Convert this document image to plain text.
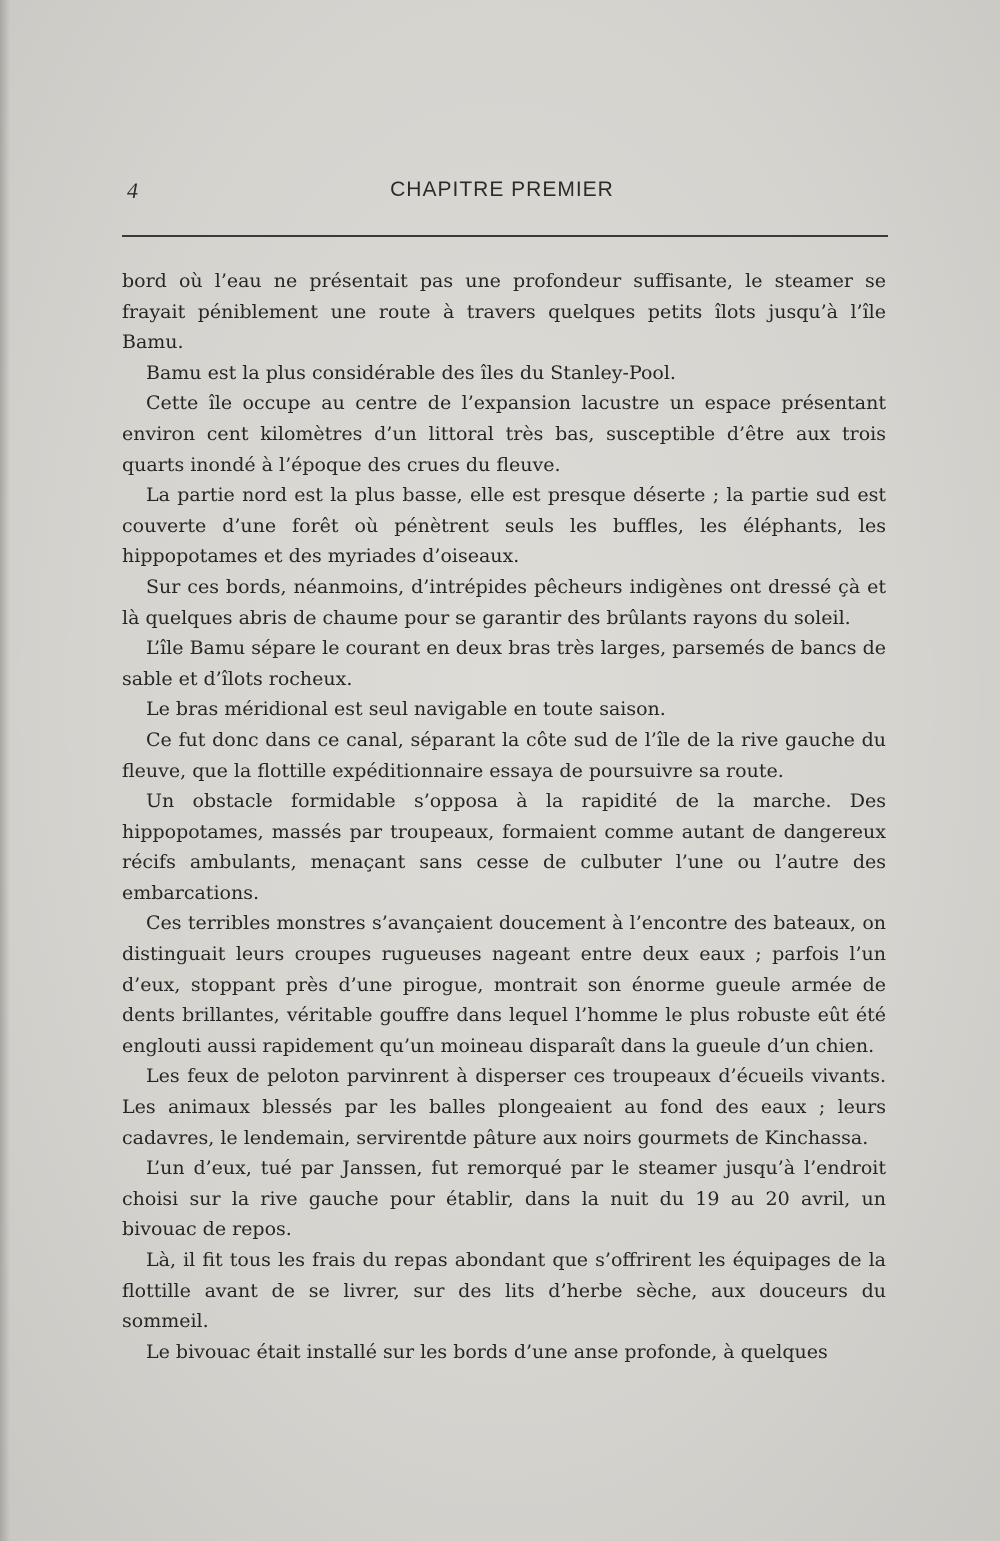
4	CHAPITRE PREMIER

bord où l’eau ne présentait pas une profondeur suffisante, le steamer se frayait péniblement une route à travers quelques petits îlots jusqu’à l’île Bamu.

Bamu est la plus considérable des îles du Stanley-Pool.

Cette île occupe au centre de l’expansion lacustre un espace présentant environ cent kilomètres d’un littoral très bas, susceptible d’être aux trois quarts inondé à l’époque des crues du fleuve.

La partie nord est la plus basse, elle est presque déserte ; la partie sud est couverte d’une forêt où pénètrent seuls les buffles, les éléphants, les hippopotames et des myriades d’oiseaux.

Sur ces bords, néanmoins, d’intrépides pêcheurs indigènes ont dressé çà et là quelques abris de chaume pour se garantir des brûlants rayons du soleil.

L’île Bamu sépare le courant en deux bras très larges, parsemés de bancs de sable et d’îlots rocheux.

Le bras méridional est seul navigable en toute saison.

Ce fut donc dans ce canal, séparant la côte sud de l’île de la rive gauche du fleuve, que la flottille expéditionnaire essaya de poursuivre sa route.

Un obstacle formidable s’opposa à la rapidité de la marche. Des hippopotames, massés par troupeaux, formaient comme autant de dangereux récifs ambulants, menaçant sans cesse de culbuter l’une ou l’autre des embarcations.

Ces terribles monstres s’avançaient doucement à l’encontre des bateaux, on distinguait leurs croupes rugueuses nageant entre deux eaux ; parfois l’un d’eux, stoppant près d’une pirogue, montrait son énorme gueule armée de dents brillantes, véritable gouffre dans lequel l’homme le plus robuste eût été englouti aussi rapidement qu’un moineau disparaît dans la gueule d’un chien.

Les feux de peloton parvinrent à disperser ces troupeaux d’écueils vivants. Les animaux blessés par les balles plongeaient au fond des eaux ; leurs cadavres, le lendemain, servirentde pâture aux noirs gourmets de Kinchassa.

L’un d’eux, tué par Janssen, fut remorqué par le steamer jusqu’à l’endroit choisi sur la rive gauche pour établir, dans la nuit du 19 au 20 avril, un bivouac de repos.

Là, il fit tous les frais du repas abondant que s’offrirent les équipages de la flottille avant de se livrer, sur des lits d’herbe sèche, aux douceurs du sommeil.

Le bivouac était installé sur les bords d’une anse profonde, à quelques
